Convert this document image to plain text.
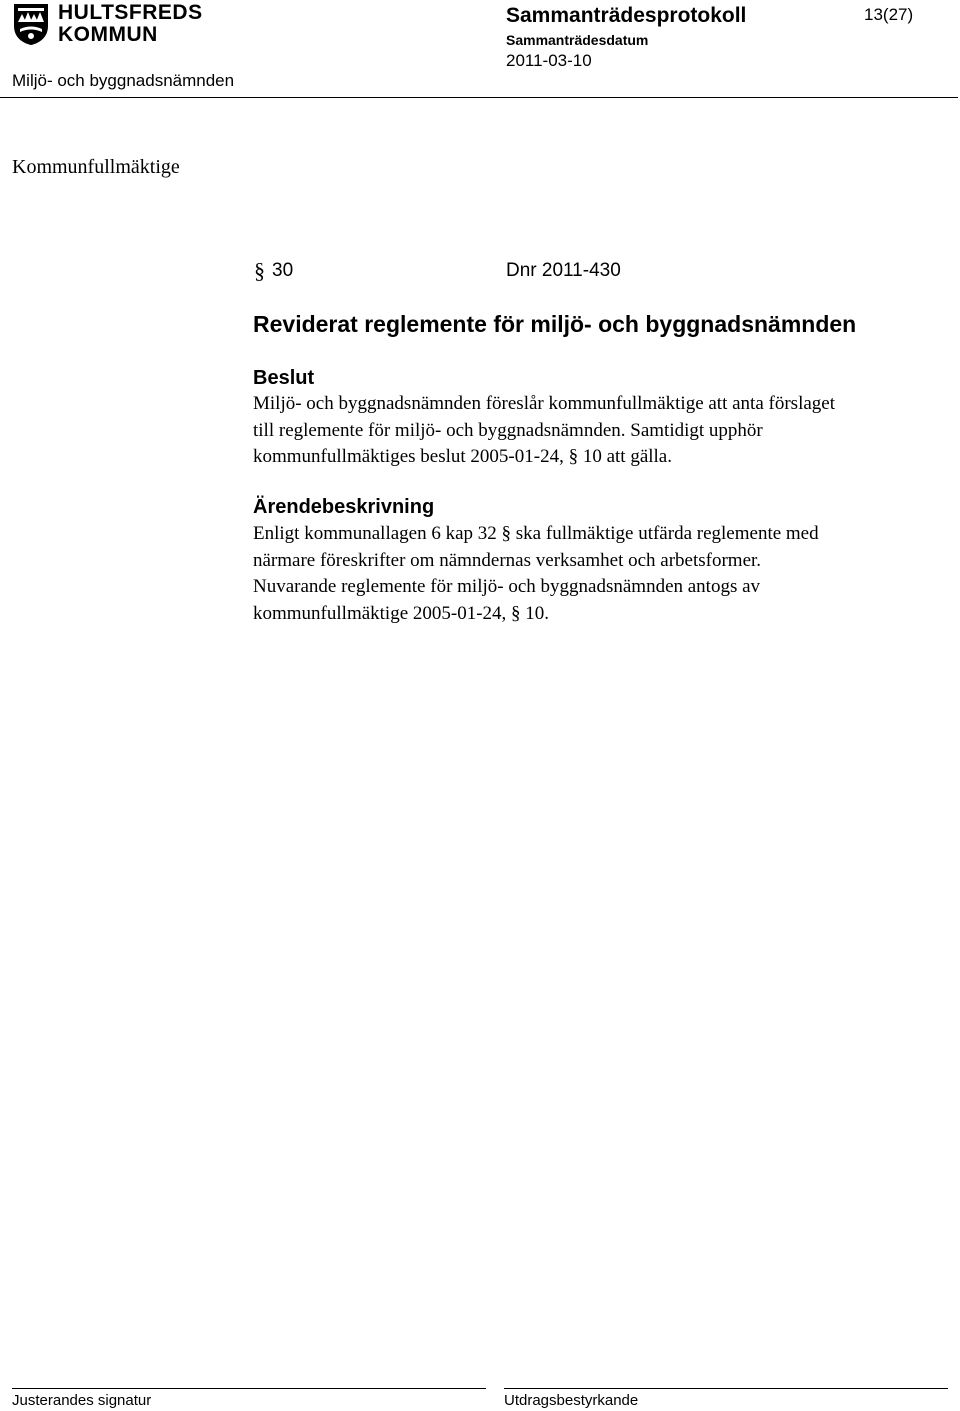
HULTSFREDS
KOMMUN
Sammanträdesprotokoll	13(27)
Sammanträdesdatum
2011-03-10
Miljö- och byggnadsnämnden
Kommunfullmäktige
§ 30	Dnr 2011-430
Reviderat reglemente för miljö- och byggnadsnämnden
Beslut

Miljö- och byggnadsnämnden föreslår kommunfullmäktige att anta förslaget

till reglemente för miljö- och byggnadsnämnden. Samtidigt upphör

kommunfullmäktiges beslut 2005-01-24, § 10 att gälla.

Ärendebeskrivning

Enligt kommunallagen 6 kap 32 § ska fullmäktige utfärda reglemente med

närmare föreskrifter om nämndernas verksamhet och arbetsformer.

Nuvarande reglemente för miljö- och byggnadsnämnden antogs av

kommunfullmäktige 2005-01-24, § 10.

Justerandes signatur	Utdragsbestyrkande
